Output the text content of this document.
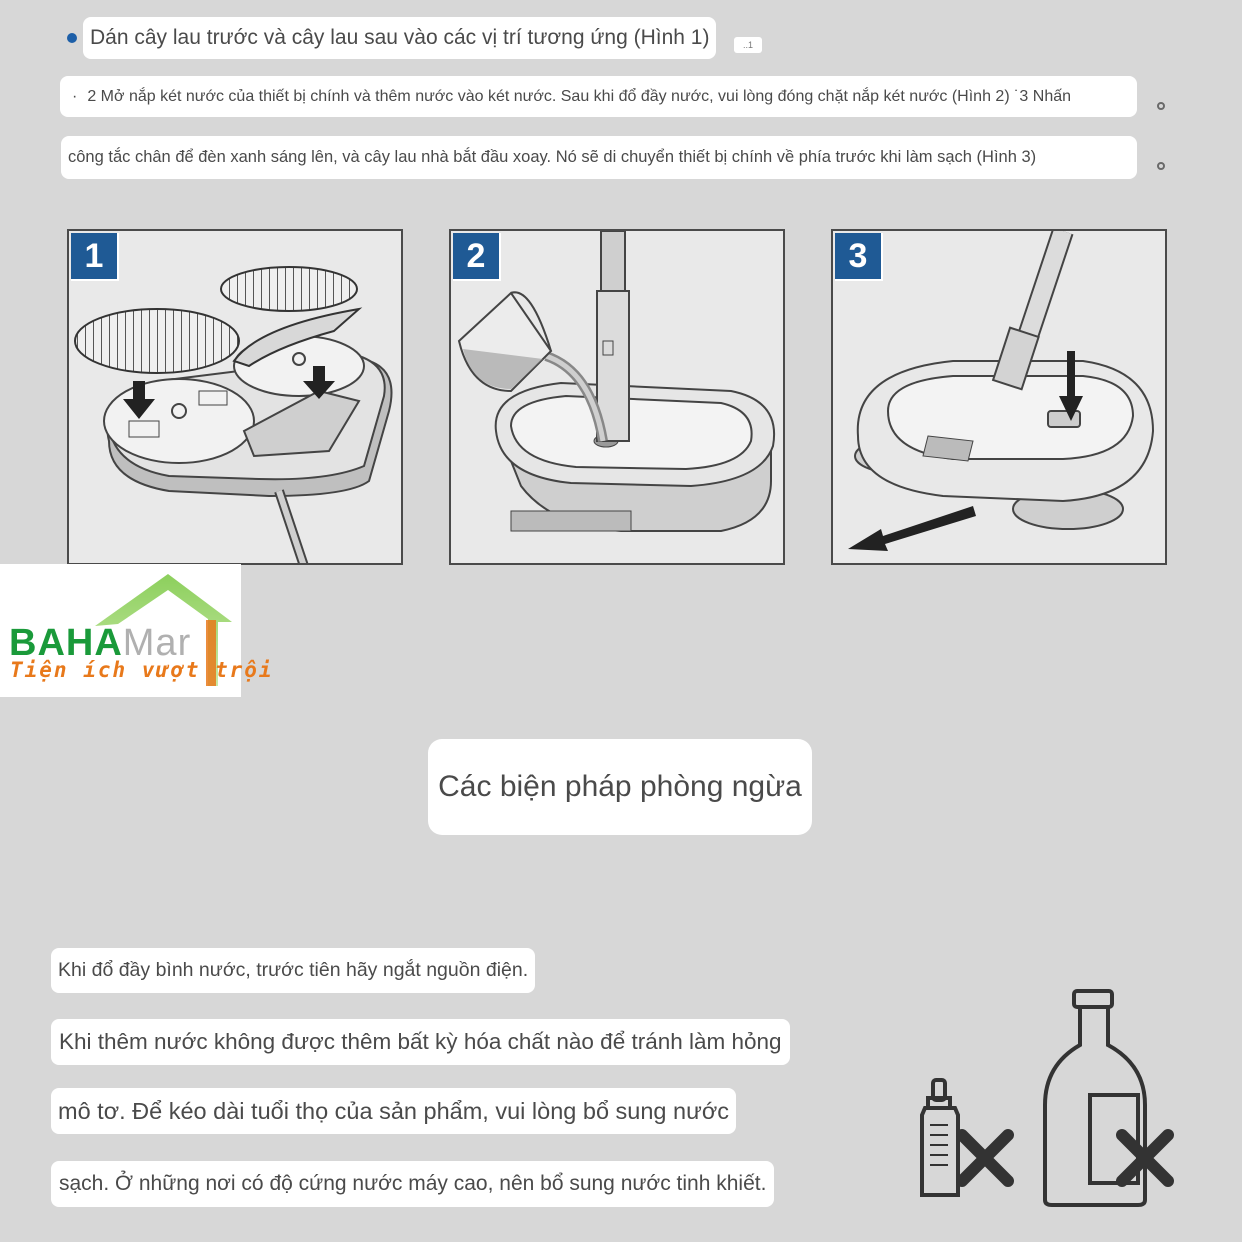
Dán cây lau trước và cây lau sau vào các vị trí tương ứng (Hình 1)	..1
· 2 Mở nắp két nước của thiết bị chính và thêm nước vào két nước. Sau khi đổ đầy nước, vui lòng đóng chặt nắp két nước (Hình 2) ˙3 Nhấn
công tắc chân để đèn xanh sáng lên, và cây lau nhà bắt đầu xoay. Nó sẽ di chuyển thiết bị chính về phía trước khi làm sạch (Hình 3)
1	2	3
BAHAMar
Tiện ích vượt trội
Các biện pháp phòng ngừa
Khi đổ đầy bình nước, trước tiên hãy ngắt nguồn điện.
Khi thêm nước không được thêm bất kỳ hóa chất nào để tránh làm hỏng
mô tơ. Để kéo dài tuổi thọ của sản phẩm, vui lòng bổ sung nước
sạch. Ở những nơi có độ cứng nước máy cao, nên bổ sung nước tinh khiết.
